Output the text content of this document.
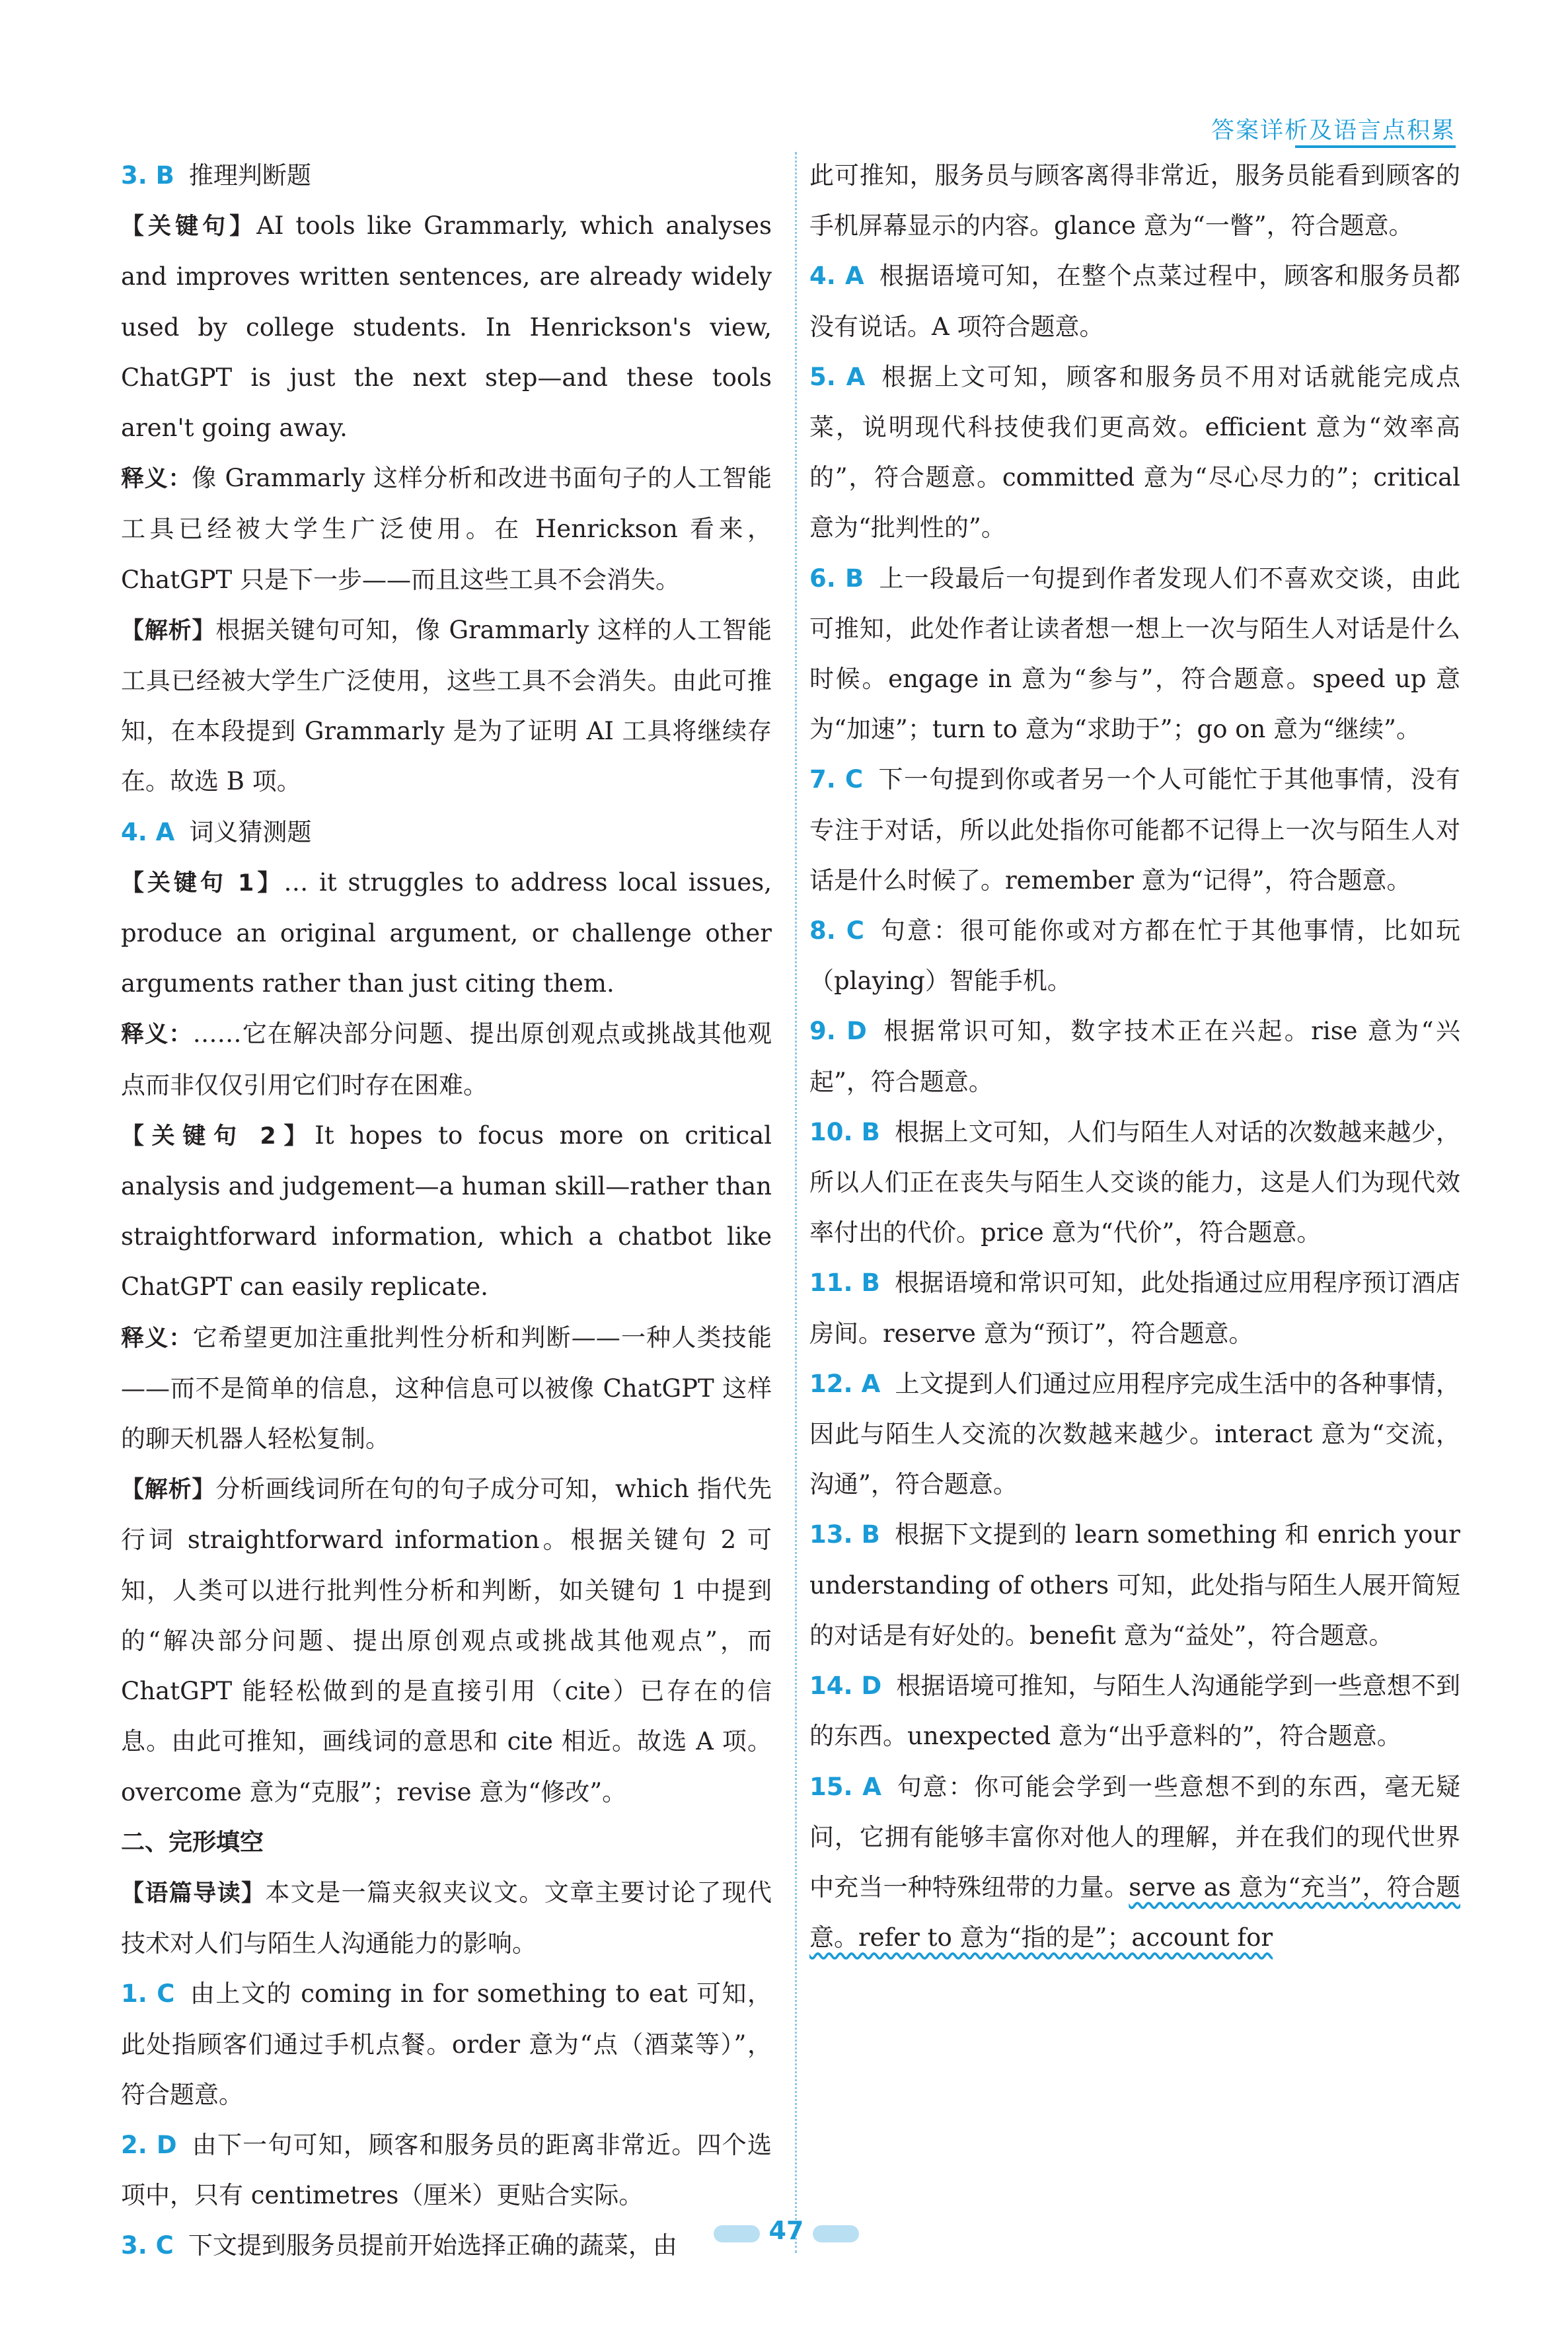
答案详析及语言点积累

3. B 推理判断题

【关键句】AI tools like Grammarly, which analyses and improves written sentences, are already widely used by college students. In Henrickson's view, ChatGPT is just the next step—and these tools aren't going away.

释义：像 Grammarly 这样分析和改进书面句子的人工智能工具已经被大学生广泛使用。在 Henrickson 看来，ChatGPT 只是下一步——而且这些工具不会消失。

【解析】根据关键句可知，像 Grammarly 这样的人工智能工具已经被大学生广泛使用，这些工具不会消失。由此可推知，在本段提到 Grammarly 是为了证明 AI 工具将继续存在。故选 B 项。

4. A 词义猜测题

【关键句 1】… it struggles to address local issues, produce an original argument, or challenge other arguments rather than just citing them.

释义：……它在解决部分问题、提出原创观点或挑战其他观点而非仅仅引用它们时存在困难。

【关键句 2】It hopes to focus more on critical analysis and judgement—a human skill—rather than straightforward information, which a chatbot like ChatGPT can easily replicate.

释义：它希望更加注重批判性分析和判断——一种人类技能——而不是简单的信息，这种信息可以被像 ChatGPT 这样的聊天机器人轻松复制。

【解析】分析画线词所在句的句子成分可知，which 指代先行词 straightforward information。根据关键句 2 可知，人类可以进行批判性分析和判断，如关键句 1 中提到的“解决部分问题、提出原创观点或挑战其他观点”，而 ChatGPT 能轻松做到的是直接引用（cite）已存在的信息。由此可推知，画线词的意思和 cite 相近。故选 A 项。overcome 意为“克服”；revise 意为“修改”。

二、完形填空

【语篇导读】本文是一篇夹叙夹议文。文章主要讨论了现代技术对人们与陌生人沟通能力的影响。

1. C 由上文的 coming in for something to eat 可知，此处指顾客们通过手机点餐。order 意为“点（酒菜等）”，符合题意。

2. D 由下一句可知，顾客和服务员的距离非常近。四个选项中，只有 centimetres（厘米）更贴合实际。

3. C 下文提到服务员提前开始选择正确的蔬菜，由

此可推知，服务员与顾客离得非常近，服务员能看到顾客的手机屏幕显示的内容。glance 意为“一瞥”，符合题意。

4. A 根据语境可知，在整个点菜过程中，顾客和服务员都没有说话。A 项符合题意。

5. A 根据上文可知，顾客和服务员不用对话就能完成点菜，说明现代科技使我们更高效。efficient 意为“效率高的”，符合题意。committed 意为“尽心尽力的”；critical 意为“批判性的”。

6. B 上一段最后一句提到作者发现人们不喜欢交谈，由此可推知，此处作者让读者想一想上一次与陌生人对话是什么时候。engage in 意为“参与”，符合题意。speed up 意为“加速”；turn to 意为“求助于”；go on 意为“继续”。

7. C 下一句提到你或者另一个人可能忙于其他事情，没有专注于对话，所以此处指你可能都不记得上一次与陌生人对话是什么时候了。remember 意为“记得”，符合题意。

8. C 句意：很可能你或对方都在忙于其他事情，比如玩（playing）智能手机。

9. D 根据常识可知，数字技术正在兴起。rise 意为“兴起”，符合题意。

10. B 根据上文可知，人们与陌生人对话的次数越来越少，所以人们正在丧失与陌生人交谈的能力，这是人们为现代效率付出的代价。price 意为“代价”，符合题意。

11. B 根据语境和常识可知，此处指通过应用程序预订酒店房间。reserve 意为“预订”，符合题意。

12. A 上文提到人们通过应用程序完成生活中的各种事情，因此与陌生人交流的次数越来越少。interact 意为“交流，沟通”，符合题意。

13. B 根据下文提到的 learn something 和 enrich your understanding of others 可知，此处指与陌生人展开简短的对话是有好处的。benefit 意为“益处”，符合题意。

14. D 根据语境可推知，与陌生人沟通能学到一些意想不到的东西。unexpected 意为“出乎意料的”，符合题意。

15. A 句意：你可能会学到一些意想不到的东西，毫无疑问，它拥有能够丰富你对他人的理解，并在我们的现代世界中充当一种特殊纽带的力量。serve as 意为“充当”，符合题意。refer to 意为“指的是”；account for

47
